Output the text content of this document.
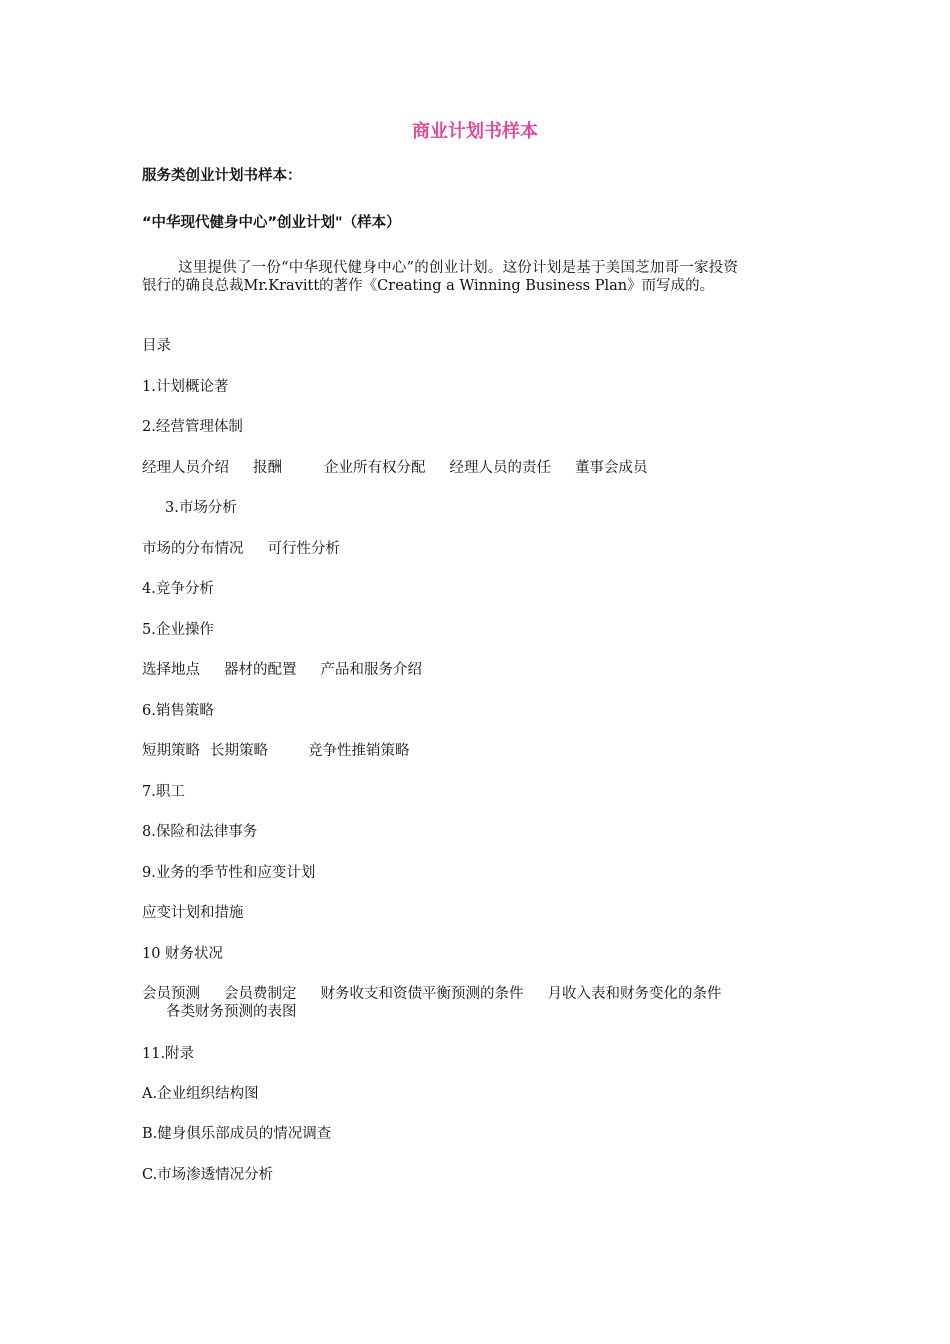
商业计划书样本
服务类创业计划书样本：
“中华现代健身中心”创业计划"（样本）
这里提供了一份“中华现代健身中心”的创业计划。这份计划是基于美国芝加哥一家投资银行的确良总裁Mr.Kravitt的著作《Creating a Winning Business Plan》而写成的。
目录
1.计划概论著
2.经营管理体制
经理人员介绍 报酬	企业所有权分配 经理人员的责任 董事会成员
3.市场分析
市场的分布情况 可行性分析
4.竞争分析
5.企业操作
选择地点 器材的配置 产品和服务介绍
6.销售策略
短期策略 长期策略	竞争性推销策略
7.职工
8.保险和法律事务
9.业务的季节性和应变计划
应变计划和措施
10 财务状况
会员预测 会员费制定 财务收支和资债平衡预测的条件 月收入表和财务变化的条件各类财务预测的表图
11.附录
A.企业组织结构图
B.健身俱乐部成员的情况调查
C.市场渗透情况分析
